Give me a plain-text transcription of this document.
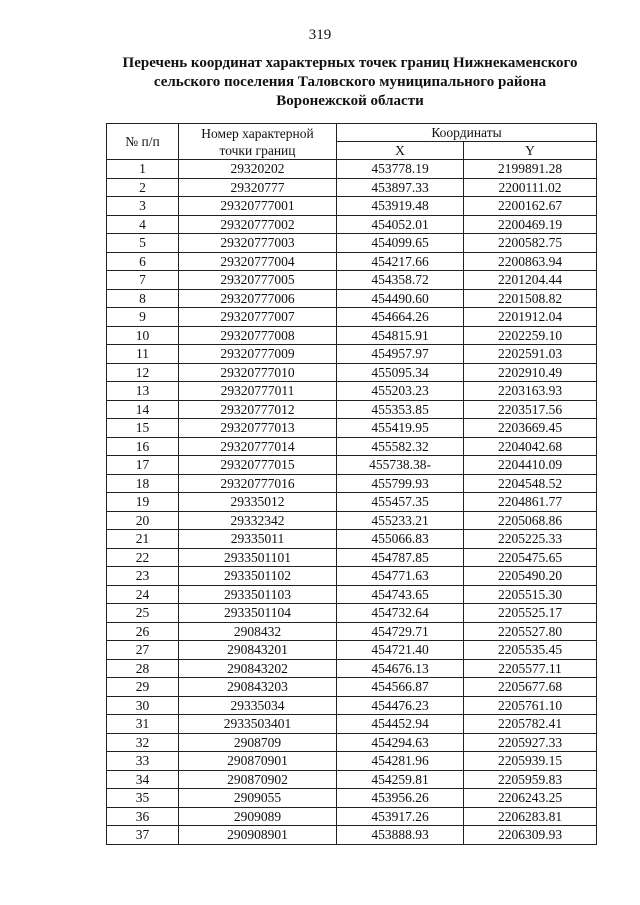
319
Перечень координат характерных точек границ Нижнекаменского
сельского поселения Таловского муниципального района
Воронежской области
№ п/п	Номер характерной
точки границ	Координаты	
		X	Y
1	29320202	453778.19	2199891.28
2	29320777	453897.33	2200111.02
3	29320777001	453919.48	2200162.67
4	29320777002	454052.01	2200469.19
5	29320777003	454099.65	2200582.75
6	29320777004	454217.66	2200863.94
7	29320777005	454358.72	2201204.44
8	29320777006	454490.60	2201508.82
9	29320777007	454664.26	2201912.04
10	29320777008	454815.91	2202259.10
11	29320777009	454957.97	2202591.03
12	29320777010	455095.34	2202910.49
13	29320777011	455203.23	2203163.93
14	29320777012	455353.85	2203517.56
15	29320777013	455419.95	2203669.45
16	29320777014	455582.32	2204042.68
17	29320777015	455738.38-	2204410.09
18	29320777016	455799.93	2204548.52
19	29335012	455457.35	2204861.77
20	29332342	455233.21	2205068.86
21	29335011	455066.83	2205225.33
22	2933501101	454787.85	2205475.65
23	2933501102	454771.63	2205490.20
24	2933501103	454743.65	2205515.30
25	2933501104	454732.64	2205525.17
26	2908432	454729.71	2205527.80
27	290843201	454721.40	2205535.45
28	290843202	454676.13	2205577.11
29	290843203	454566.87	2205677.68
30	29335034	454476.23	2205761.10
31	2933503401	454452.94	2205782.41
32	2908709	454294.63	2205927.33
33	290870901	454281.96	2205939.15
34	290870902	454259.81	2205959.83
35	2909055	453956.26	2206243.25
36	2909089	453917.26	2206283.81
37	290908901	453888.93	2206309.93
